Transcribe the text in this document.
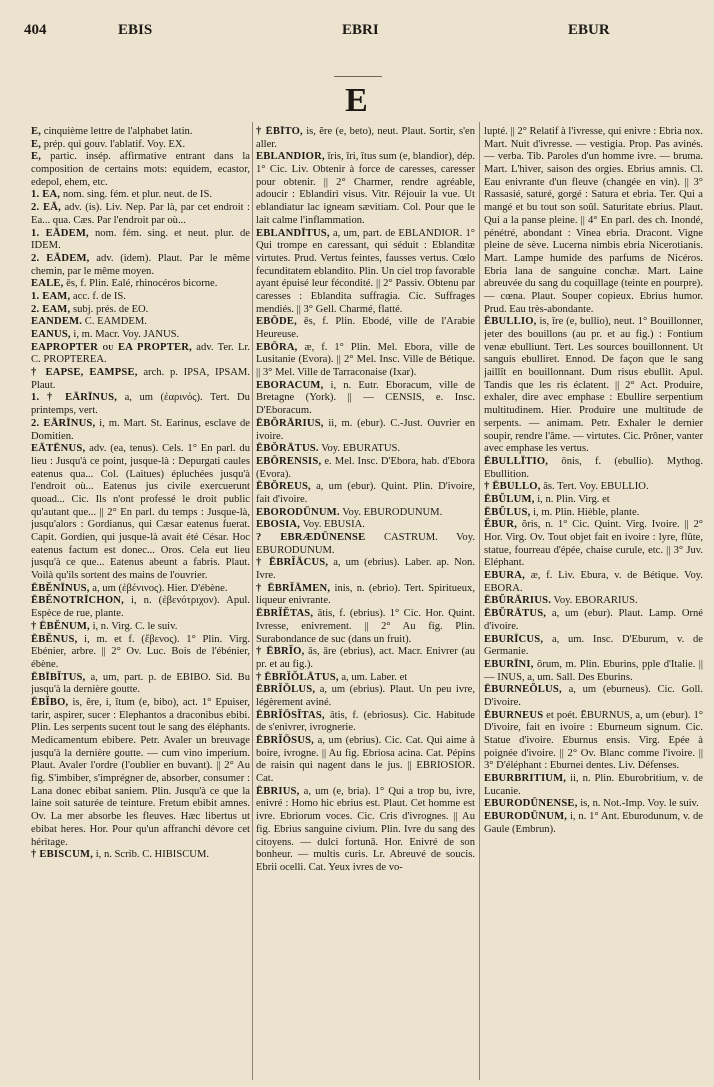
404	EBIS	EBRI	EBUR
E

E, cinquième lettre de l'alphabet latin.

E, prép. qui gouv. l'ablatif. Voy. EX.

E, partic. insép. affirmative entrant dans la composition de certains mots: equidem, ecastor, edepol, ehem, etc.

1. EA, nom. sing. fém. et plur. neut. de IS.

2. EĀ, adv. (is). Liv. Nep. Par là, par cet endroit : Ea... qua. Cæs. Par l'endroit par où...

1. EĀDEM, nom. fém. sing. et neut. plur. de IDEM.

2. EĀDEM, adv. (idem). Plaut. Par le même chemin, par le même moyen.

EALE, ēs, f. Plin. Ealé, rhinocéros bicorne.

1. EAM, acc. f. de IS.

2. EAM, subj. prés. de EO.

EANDEM. C. EAMDEM.

EANUS, i, m. Macr. Voy. JANUS.

EAPROPTER ou EA PROPTER, adv. Ter. Lr. C. PROPTEREA.

† EAPSE, EAMPSE, arch. p. IPSA, IPSAM. Plaut.

1. † EĀRĪNUS, a, um (ἐαρινός). Tert. Du printemps, vert.

2. EĀRĪNUS, i, m. Mart. St. Earinus, esclave de Domitien.

EĀTĒNUS, adv. (ea, tenus). Cels. 1° En parl. du lieu : Jusqu'à ce point, jusque-là : Depurgati caules eatenus qua... Col. (Laitues) épluchées jusqu'à l'endroit où... Eatenus jus civile exercuerunt quoad... Cic. Ils n'ont professé le droit public qu'autant que... || 2° En parl. du temps : Jusque-là, jusqu'alors : Gordianus, qui Cæsar eatenus fuerat. Capit. Gordien, qui jusque-là avait été César. Hoc eatenus factum est donec... Oros. Cela eut lieu jusqu'à ce que... Eatenus abeunt a fabris. Plaut. Voilà qu'ils sortent des mains de l'ouvrier.

ĒBĔNĪNUS, a, um (ἐβένινος). Hier. D'ébène.

ĒBĔNOTRĪCHON, i, n. (ἐβενότριχον). Apul. Espèce de rue, plante.

† ĒBĔNUM, i, n. Virg. C. le suiv.

ĒBĔNUS, i, m. et f. (ἔβενος). 1° Plin. Virg. Ebénier, arbre. || 2° Ov. Luc. Bois de l'ébénier, ébène.

ĒBĪBĬTUS, a, um, part. p. de EBIBO. Sid. Bu jusqu'à la dernière goutte.

ĒBĬBO, is, ĕre, i, ĭtum (e, bibo), act. 1° Epuiser, tarir, aspirer, sucer : Elephantos a draconibus ebibi. Plin. Les serpents sucent tout le sang des éléphants. Medicamentum ebibere. Petr. Avaler un breuvage jusqu'à la dernière goutte. — cum vino imperium. Plaut. Avaler l'ordre (l'oublier en buvant). || 2° Au fig. S'imbiber, s'imprégner de, absorber, consumer : Lana donec ebibat saniem. Plin. Jusqu'à ce que la laine soit saturée de teinture. Fretum ebibit amnes. Ov. La mer absorbe les fleuves. Hæc libertus ut ebibat heres. Hor. Pour qu'un affranchi dévore cet héritage.

† EBISCUM, i, n. Scrib. C. HIBISCUM.

† ĒBĪTO, is, ĕre (e, beto), neut. Plaut. Sortir, s'en aller.

EBLANDIOR, īris, īri, ītus sum (e, blandior), dép. 1° Cic. Liv. Obtenir à force de caresses, caresser pour obtenir. || 2° Charmer, rendre agréable, adoucir : Eblandiri visus. Vitr. Réjouir la vue. Ut eblandiatur lac igneam sævitiam. Col. Pour que le lait calme l'inflammation.

EBLANDĪTUS, a, um, part. de EBLANDIOR. 1° Qui trompe en caressant, qui séduit : Eblanditæ virtutes. Prud. Vertus feintes, fausses vertus. Cœlo fecunditatem eblandito. Plin. Un ciel trop favorable ayant épuisé leur fécondité. || 2° Passiv. Obtenu par caresses : Eblandita suffragia. Cic. Suffrages mendiés. || 3° Gell. Charmé, flatté.

EBŌDE, ēs, f. Plin. Ebodé, ville de l'Arabie Heureuse.

EBŌRA, æ, f. 1° Plin. Mel. Ebora, ville de Lusitanie (Evora). || 2° Mel. Insc. Ville de Bétique. || 3° Mel. Ville de Tarraconaise (Ixar).

EBORACUM, i, n. Eutr. Eboracum, ville de Bretagne (York). || — CENSIS, e. Insc. D'Eboracum.

ĒBŎRĀRIUS, ii, m. (ebur). C.-Just. Ouvrier en ivoire.

ĒBŎRĀTUS. Voy. EBURATUS.

EBŌRENSIS, e. Mel. Insc. D'Ebora, hab. d'Ebora (Evora).

ĒBŎREUS, a, um (ebur). Quint. Plin. D'ivoire, fait d'ivoire.

EBORODŪNUM. Voy. EBURODUNUM.

EBOSIA, Voy. EBUSIA.

? EBRÆDŪNENSE CASTRUM. Voy. EBURODUNUM.

† ĒBRĬĀCUS, a, um (ebrius). Laber. ap. Non. Ivre.

† ĒBRĬĀMEN, inis, n. (ebrio). Tert. Spiritueux, liqueur enivrante.

ĒBRĬĔTAS, ātis, f. (ebrius). 1° Cic. Hor. Quint. Ivresse, enivrement. || 2° Au fig. Plin. Surabondance de suc (dans un fruit).

† ĒBRĬO, ās, āre (ebrius), act. Macr. Enivrer (au pr. et au fig.).

† ĒBRĬŎLĀTUS, a, um. Laber. et

ĒBRĬŎLUS, a, um (ebrius). Plaut. Un peu ivre, légèrement aviné.

ĒBRĬŌSĬTAS, ātis, f. (ebriosus). Cic. Habitude de s'enivrer, ivrognerie.

ĒBRĬŌSUS, a, um (ebrius). Cic. Cat. Qui aime à boire, ivrogne. || Au fig. Ebriosa acina. Cat. Pépins de raisin qui nagent dans le jus. || EBRIOSIOR. Cat.

ĒBRIUS, a, um (e, bria). 1° Qui a trop bu, ivre, enivré : Homo hic ebrius est. Plaut. Cet homme est ivre. Ebriorum voces. Cic. Cris d'ivrognes. || Au fig. Ebrius sanguine civium. Plin. Ivre du sang des citoyens. — dulci fortunā. Hor. Enivré de son bonheur. — multis curis. Lr. Abreuvé de soucis. Ebrii ocelli. Cat. Yeux ivres de vo-

lupté. || 2° Relatif à l'ivresse, qui enivre : Ebria nox. Mart. Nuit d'ivresse. — vestigia. Prop. Pas avinés. — verba. Tib. Paroles d'un homme ivre. — bruma. Mart. L'hiver, saison des orgies. Ebrius amnis. Cl. Eau enivrante d'un fleuve (changée en vin). || 3° Rassasié, saturé, gorgé : Satura et ebria. Ter. Qui a mangé et bu tout son soûl. Saturitate ebrius. Plaut. Qui a la panse pleine. || 4° En parl. des ch. Inondé, pénétré, abondant : Vinea ebria. Dracont. Vigne pleine de sève. Lucerna nimbis ebria Nicerotianis. Mart. Lampe humide des parfums de Nicéros. Ebria lana de sanguine conchæ. Mart. Laine abreuvée du sang du coquillage (teinte en pourpre). — cœna. Plaut. Souper copieux. Ebrius humor. Prud. Eau très-abondante.

ĒBULLIO, is, īre (e, bullio), neut. 1° Bouillonner, jeter des bouillons (au pr. et au fig.) : Fontium venæ ebulliunt. Tert. Les sources bouillonnent. Ut sanguis ebulliret. Ennod. De façon que le sang jaillît en bouillonnant. Dum risus ebullit. Apul. Tandis que les ris éclatent. || 2° Act. Produire, exhaler, dire avec emphase : Ebullire serpentium multitudinem. Hier. Produire une multitude de serpents. — animam. Petr. Exhaler le dernier soupir, rendre l'âme. — virtutes. Cic. Prôner, vanter avec emphase les vertus.

ĒBULLĪTIO, ōnis, f. (ebullio). Mythog. Ebullition.

† ĒBULLO, ās. Tert. Voy. EBULLIO.

ĒBŬLUM, i, n. Plin. Virg. et

ĒBŬLUS, i, m. Plin. Hièble, plante.

ĔBUR, ŏris, n. 1° Cic. Quint. Virg. Ivoire. || 2° Hor. Virg. Ov. Tout objet fait en ivoire : lyre, flûte, statue, fourreau d'épée, chaise curule, etc. || 3° Juv. Eléphant.

EBURA, æ, f. Liv. Ebura, v. de Bétique. Voy. EBORA.

ĒBŬRĀRIUS. Voy. EBORARIUS.

ĒBŬRĀTUS, a, um (ebur). Plaut. Lamp. Orné d'ivoire.

EBURĪCUS, a, um. Insc. D'Eburum, v. de Germanie.

EBURĪNI, ōrum, m. Plin. Eburins, pple d'Italie. || — INUS, a, um. Sall. Des Eburins.

ĒBURNEŎLUS, a, um (eburneus). Cic. Goll. D'ivoire.

ĒBURNEUS et poét. ĒBURNUS, a, um (ebur). 1° D'ivoire, fait en ivoire : Eburneum signum. Cic. Statue d'ivoire. Eburnus ensis. Virg. Epée à poignée d'ivoire. || 2° Ov. Blanc comme l'ivoire. || 3° D'éléphant : Eburnei dentes. Liv. Défenses.

EBURBRITIUM, ii, n. Plin. Eburobritium, v. de Lucanie.

EBURODŪNENSE, is, n. Not.-Imp. Voy. le suiv.

EBURODŪNUM, i, n. 1° Ant. Eburodunum, v. de Gaule (Embrun).
